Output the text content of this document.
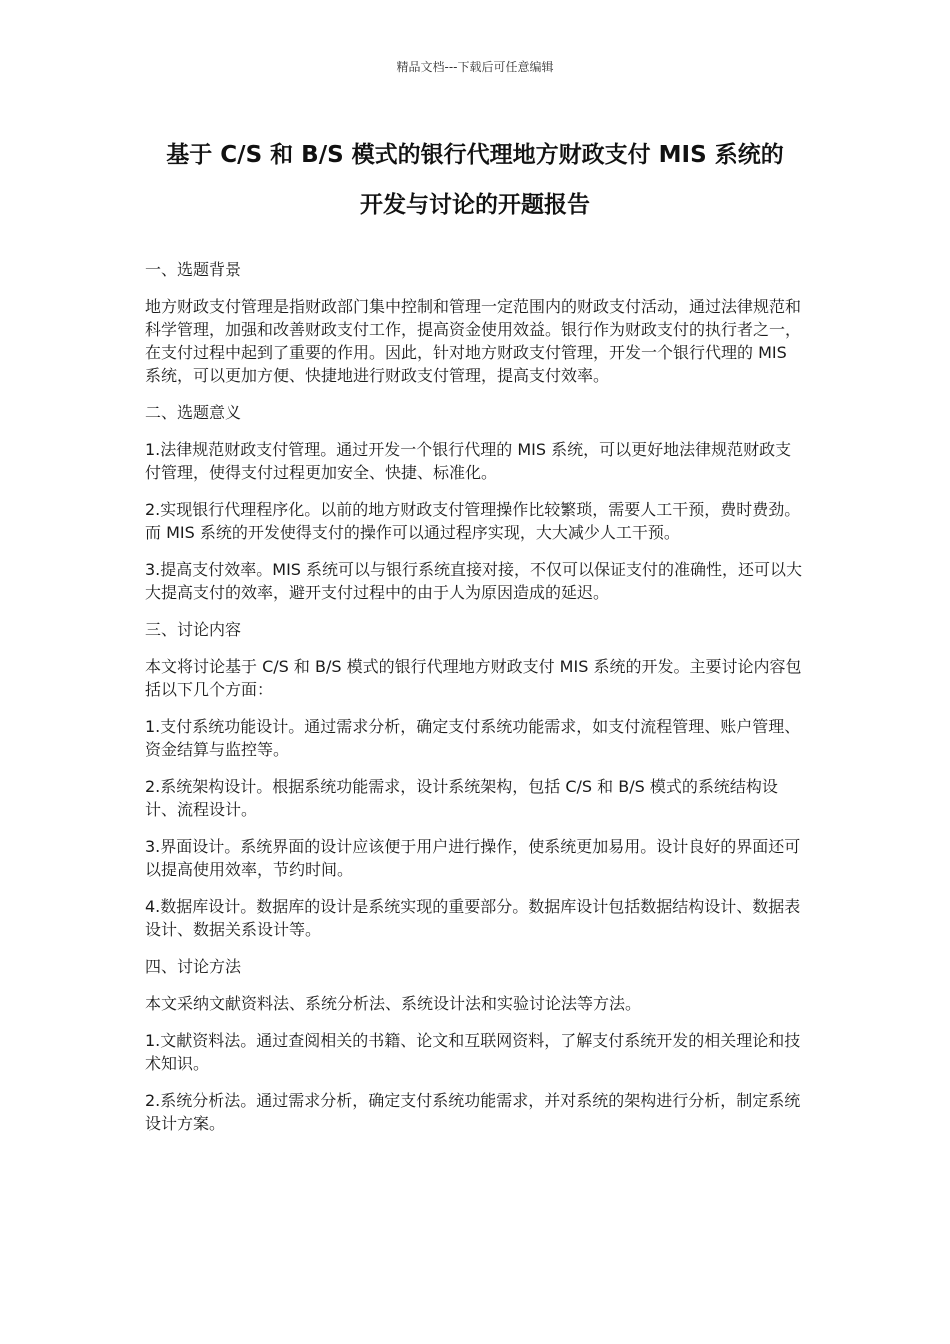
精品文档---下载后可任意编辑
基于 C/S 和 B/S 模式的银行代理地方财政支付 MIS 系统的
开发与讨论的开题报告

一、选题背景

地方财政支付管理是指财政部门集中控制和管理一定范围内的财政支付活动，通过法律规范和科学管理，加强和改善财政支付工作，提高资金使用效益。银行作为财政支付的执行者之一，在支付过程中起到了重要的作用。因此，针对地方财政支付管理，开发一个银行代理的 MIS 系统，可以更加方便、快捷地进行财政支付管理，提高支付效率。

二、选题意义

1.法律规范财政支付管理。通过开发一个银行代理的 MIS 系统，可以更好地法律规范财政支付管理，使得支付过程更加安全、快捷、标准化。

2.实现银行代理程序化。以前的地方财政支付管理操作比较繁琐，需要人工干预，费时费劲。而 MIS 系统的开发使得支付的操作可以通过程序实现，大大减少人工干预。

3.提高支付效率。MIS 系统可以与银行系统直接对接，不仅可以保证支付的准确性，还可以大大提高支付的效率，避开支付过程中的由于人为原因造成的延迟。

三、讨论内容

本文将讨论基于 C/S 和 B/S 模式的银行代理地方财政支付 MIS 系统的开发。主要讨论内容包括以下几个方面：

1.支付系统功能设计。通过需求分析，确定支付系统功能需求，如支付流程管理、账户管理、资金结算与监控等。

2.系统架构设计。根据系统功能需求，设计系统架构，包括 C/S 和 B/S 模式的系统结构设计、流程设计。

3.界面设计。系统界面的设计应该便于用户进行操作，使系统更加易用。设计良好的界面还可以提高使用效率，节约时间。

4.数据库设计。数据库的设计是系统实现的重要部分。数据库设计包括数据结构设计、数据表设计、数据关系设计等。

四、讨论方法

本文采纳文献资料法、系统分析法、系统设计法和实验讨论法等方法。

1.文献资料法。通过查阅相关的书籍、论文和互联网资料，了解支付系统开发的相关理论和技术知识。

2.系统分析法。通过需求分析，确定支付系统功能需求，并对系统的架构进行分析，制定系统设计方案。
